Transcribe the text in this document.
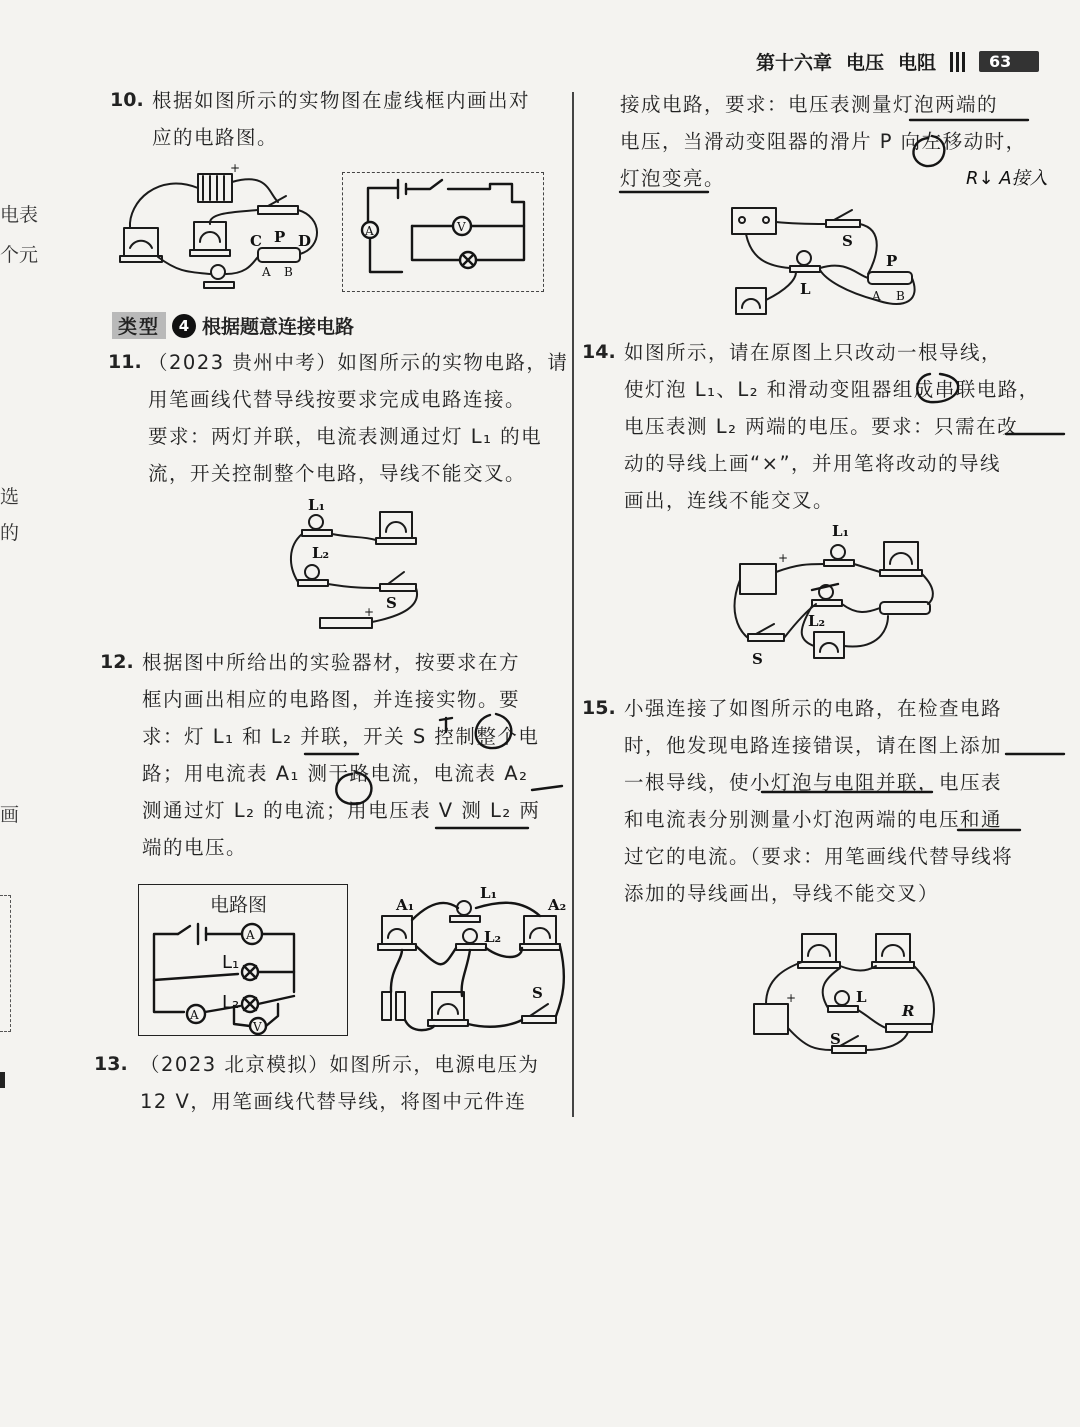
第十六章 电压 电阻	63
电表
个元
选
的
画
10. 根据如图所示的实物图在虚线框内画出对
应的电路图。
+
C P D
A B
A	V
类型	4 根据题意连接电路
11. （2023 贵州中考）如图所示的实物电路，请
用笔画线代替导线按要求完成电路连接。
要求：两灯并联，电流表测通过灯 L₁ 的电
流，开关控制整个电路，导线不能交叉。
L₁
L₂
S
+
12. 根据图中所给出的实验器材，按要求在方
框内画出相应的电路图，并连接实物。要
求：灯 L₁ 和 L₂ 并联，开关 S 控制整个电
路；用电流表 A₁ 测干路电流，电流表 A₂
测通过灯 L₂ 的电流；用电压表 V 测 L₂ 两
端的电压。
电路图
A
L₁
L₂
A
V
A₁
L₁
A₂
L₂
S
13. （2023 北京模拟）如图所示，电源电压为
12 V，用笔画线代替导线，将图中元件连
接成电路，要求：电压表测量灯泡两端的
电压，当滑动变阻器的滑片 P 向左移动时，
灯泡变亮。	R↓ A接入
S
L
P
A B
14. 如图所示，请在原图上只改动一根导线，
使灯泡 L₁、L₂ 和滑动变阻器组成串联电路，
电压表测 L₂ 两端的电压。要求：只需在改
动的导线上画“×”，并用笔将改动的导线
画出，连线不能交叉。
L₁
+
L₂
S
15. 小强连接了如图所示的电路，在检查电路
时，他发现电路连接错误，请在图上添加
一根导线，使小灯泡与电阻并联，电压表
和电流表分别测量小灯泡两端的电压和通
过它的电流。（要求：用笔画线代替导线将
添加的导线画出，导线不能交叉）
+	L
R
S
